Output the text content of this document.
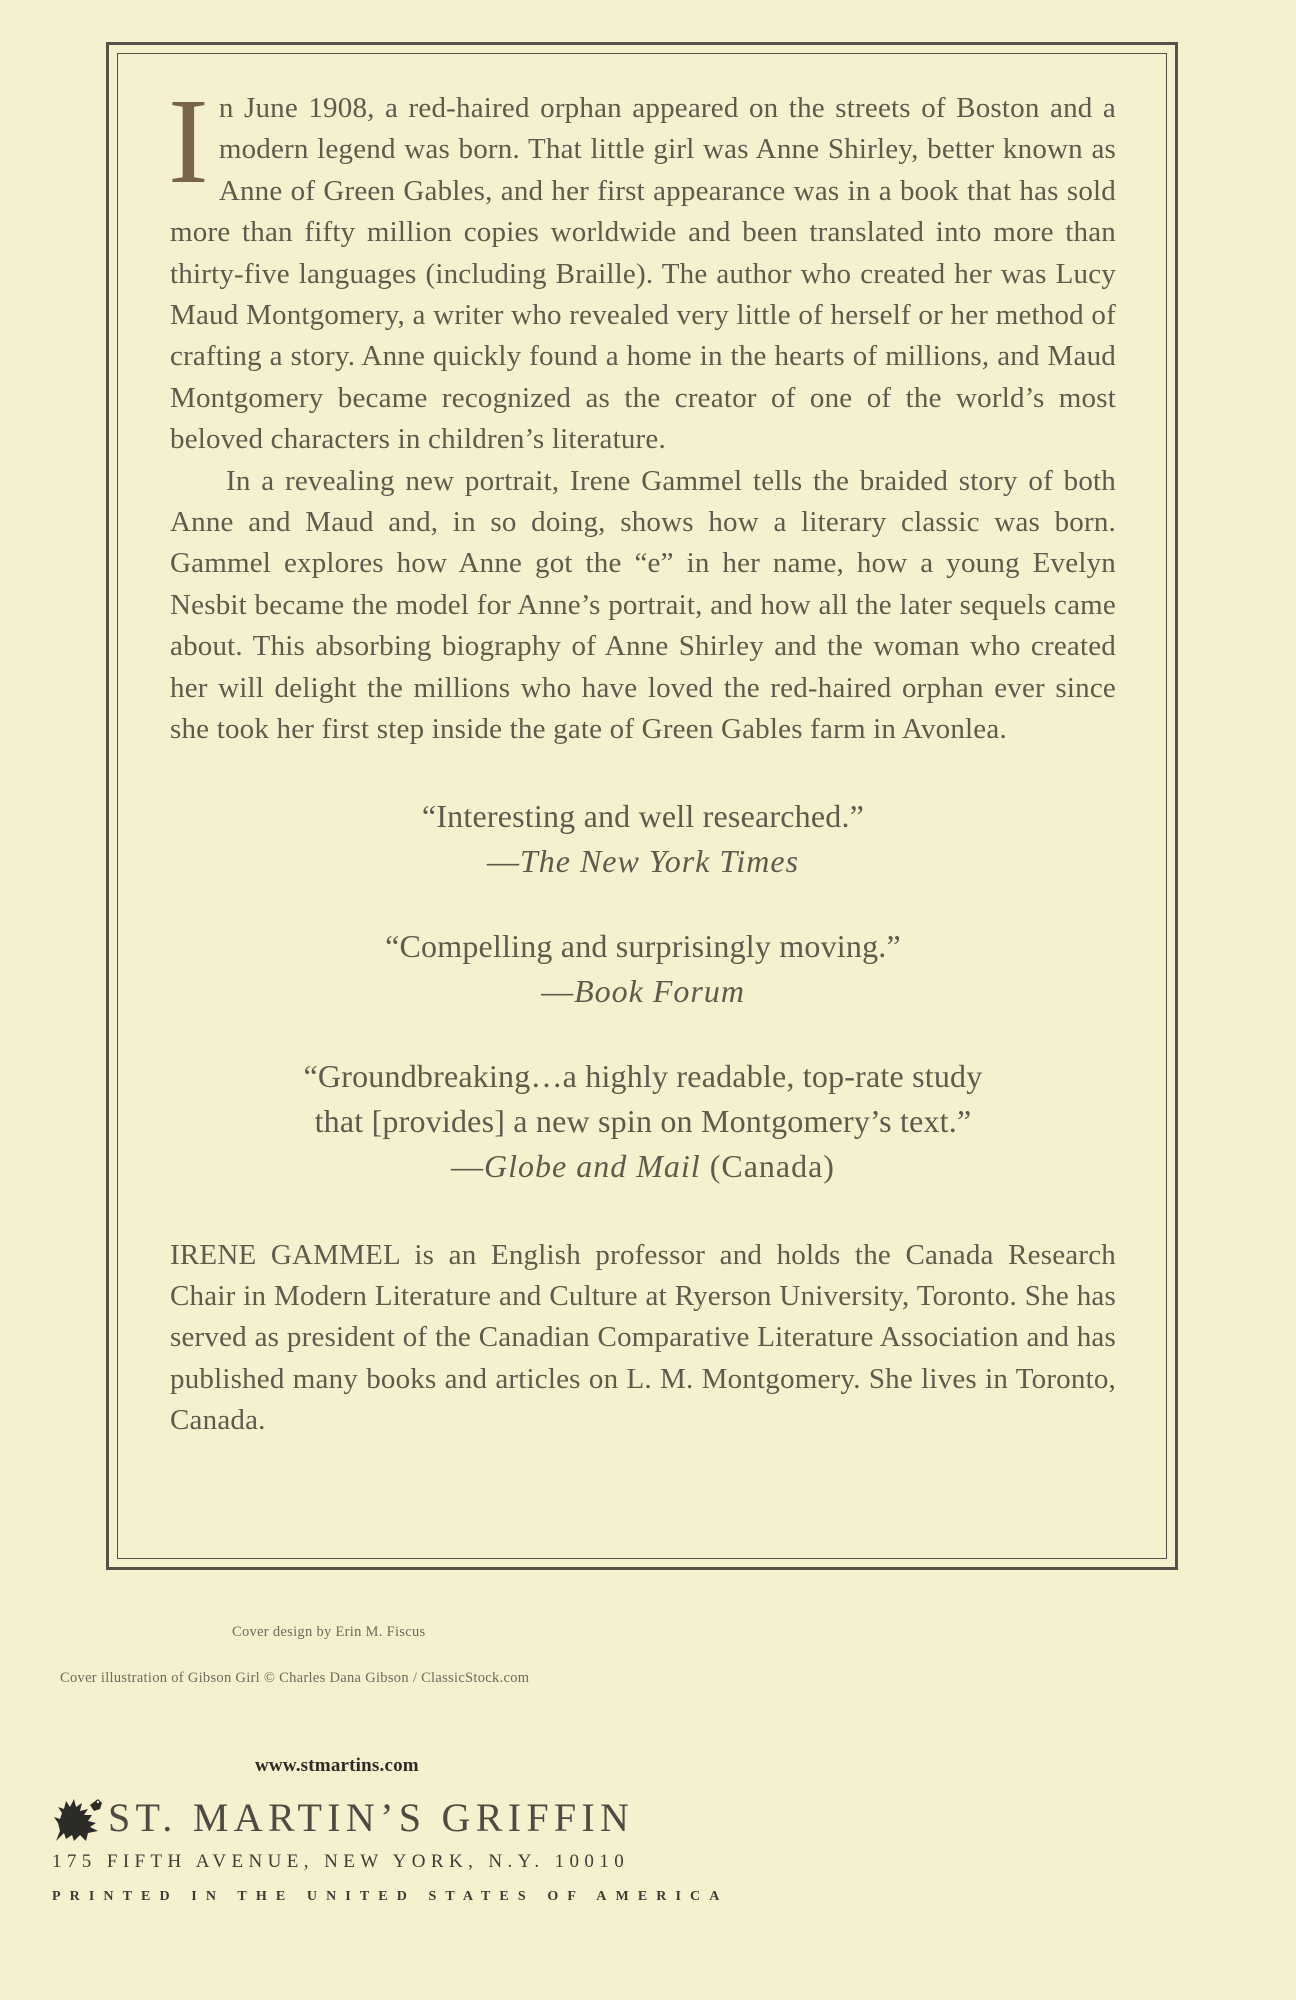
In June 1908, a red-haired orphan appeared on the streets of Boston and a modern legend was born. That little girl was Anne Shirley, better known as Anne of Green Gables, and her first appearance was in a book that has sold more than fifty million copies worldwide and been translated into more than thirty-five languages (including Braille). The author who created her was Lucy Maud Montgomery, a writer who revealed very little of herself or her method of crafting a story. Anne quickly found a home in the hearts of millions, and Maud Montgomery became recognized as the creator of one of the world’s most beloved characters in children’s literature.

In a revealing new portrait, Irene Gammel tells the braided story of both Anne and Maud and, in so doing, shows how a literary classic was born. Gammel explores how Anne got the “e” in her name, how a young Evelyn Nesbit became the model for Anne’s portrait, and how all the later sequels came about. This absorbing biography of Anne Shirley and the woman who created her will delight the millions who have loved the red-haired orphan ever since she took her first step inside the gate of Green Gables farm in Avonlea.

“Interesting and well researched.”
—The New York Times
“Compelling and surprisingly moving.”
—Book Forum
“Groundbreaking…a highly readable, top-rate study
that [provides] a new spin on Montgomery’s text.”
—Globe and Mail (Canada)

IRENE GAMMEL is an English professor and holds the Canada Research Chair in Modern Literature and Culture at Ryerson University, Toronto. She has served as president of the Canadian Comparative Literature Association and has published many books and articles on L. M. Montgomery. She lives in Toronto, Canada.

Cover design by Erin M. Fiscus
Cover illustration of Gibson Girl © Charles Dana Gibson / ClassicStock.com
www.stmartins.com
ST. MARTIN’S GRIFFIN
175 FIFTH AVENUE, NEW YORK, N.Y. 10010
PRINTED IN THE UNITED STATES OF AMERICA
